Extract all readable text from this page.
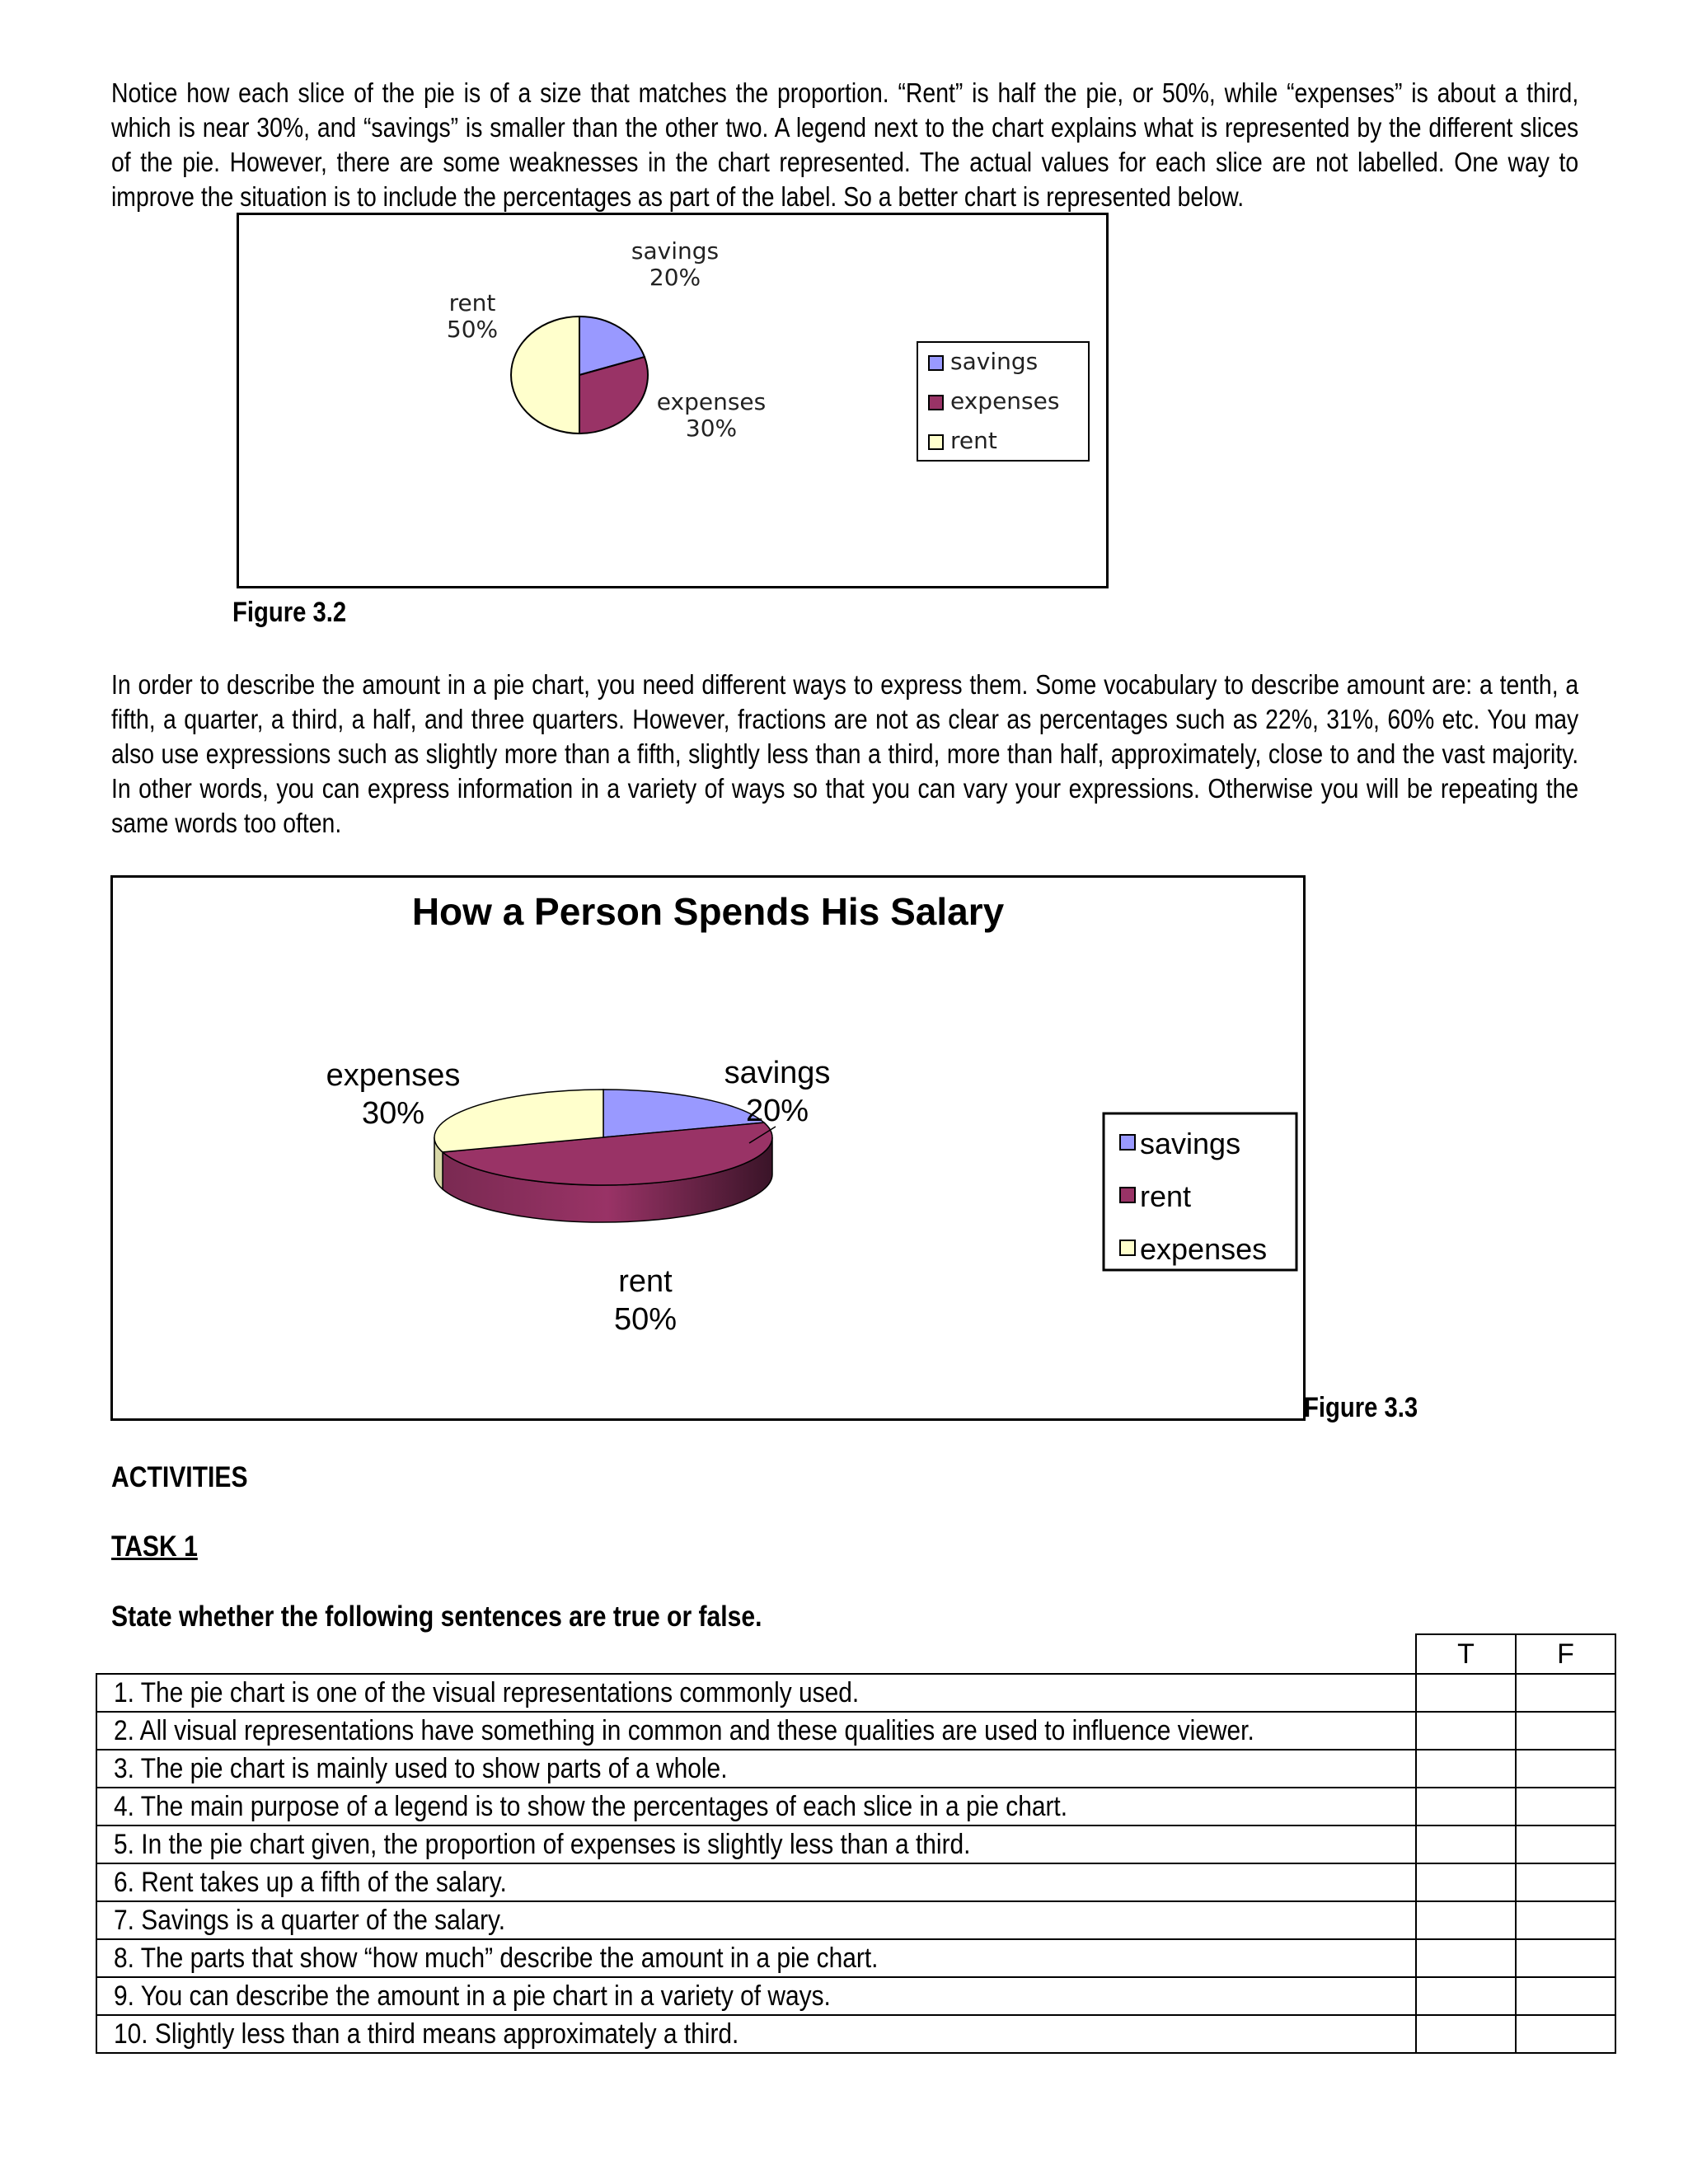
Notice how each slice of the pie is of a size that matches the proportion. “Rent” is half the pie, or 50%, while “expenses” is about a third, which is near 30%, and “savings” is smaller than the other two. A legend next to the chart explains what is represented by the different slices of the pie. However, there are some weaknesses in the chart represented. The actual values for each slice are not labelled. One way to improve the situation is to include the percentages as part of the label. So a better chart is represented below.
savings
20%
expenses
30%
rent
50%
savings
expenses
rent
Figure 3.2
In order to describe the amount in a pie chart, you need different ways to express them. Some vocabulary to describe amount are: a tenth, a fifth, a quarter, a third, a half, and three quarters. However, fractions are not as clear as percentages such as 22%, 31%, 60% etc. You may also use expressions such as slightly more than a fifth, slightly less than a third, more than half, approximately, close to and the vast majority. In other words, you can express information in a variety of ways so that you can vary your expressions. Otherwise you will be repeating the same words too often.
How a Person Spends His Salary
savings
20%
rent
50%
expenses
30%
savings
rent
expenses
Figure 3.3
ACTIVITIES
TASK 1
State whether the following sentences are true or false.
	T	F
1. The pie chart is one of the visual representations commonly used.		
2. All visual representations have something in common and these qualities are used to influence viewer.		
3. The pie chart is mainly used to show parts of a whole.		
4. The main purpose of a legend is to show the percentages of each slice in a pie chart.		
5. In the pie chart given, the proportion of expenses is slightly less than a third.		
6. Rent takes up a fifth of the salary.		
7. Savings is a quarter of the salary.		
8. The parts that show “how much” describe the amount in a pie chart.		
9. You can describe the amount in a pie chart in a variety of ways.		
10. Slightly less than a third means approximately a third.		
